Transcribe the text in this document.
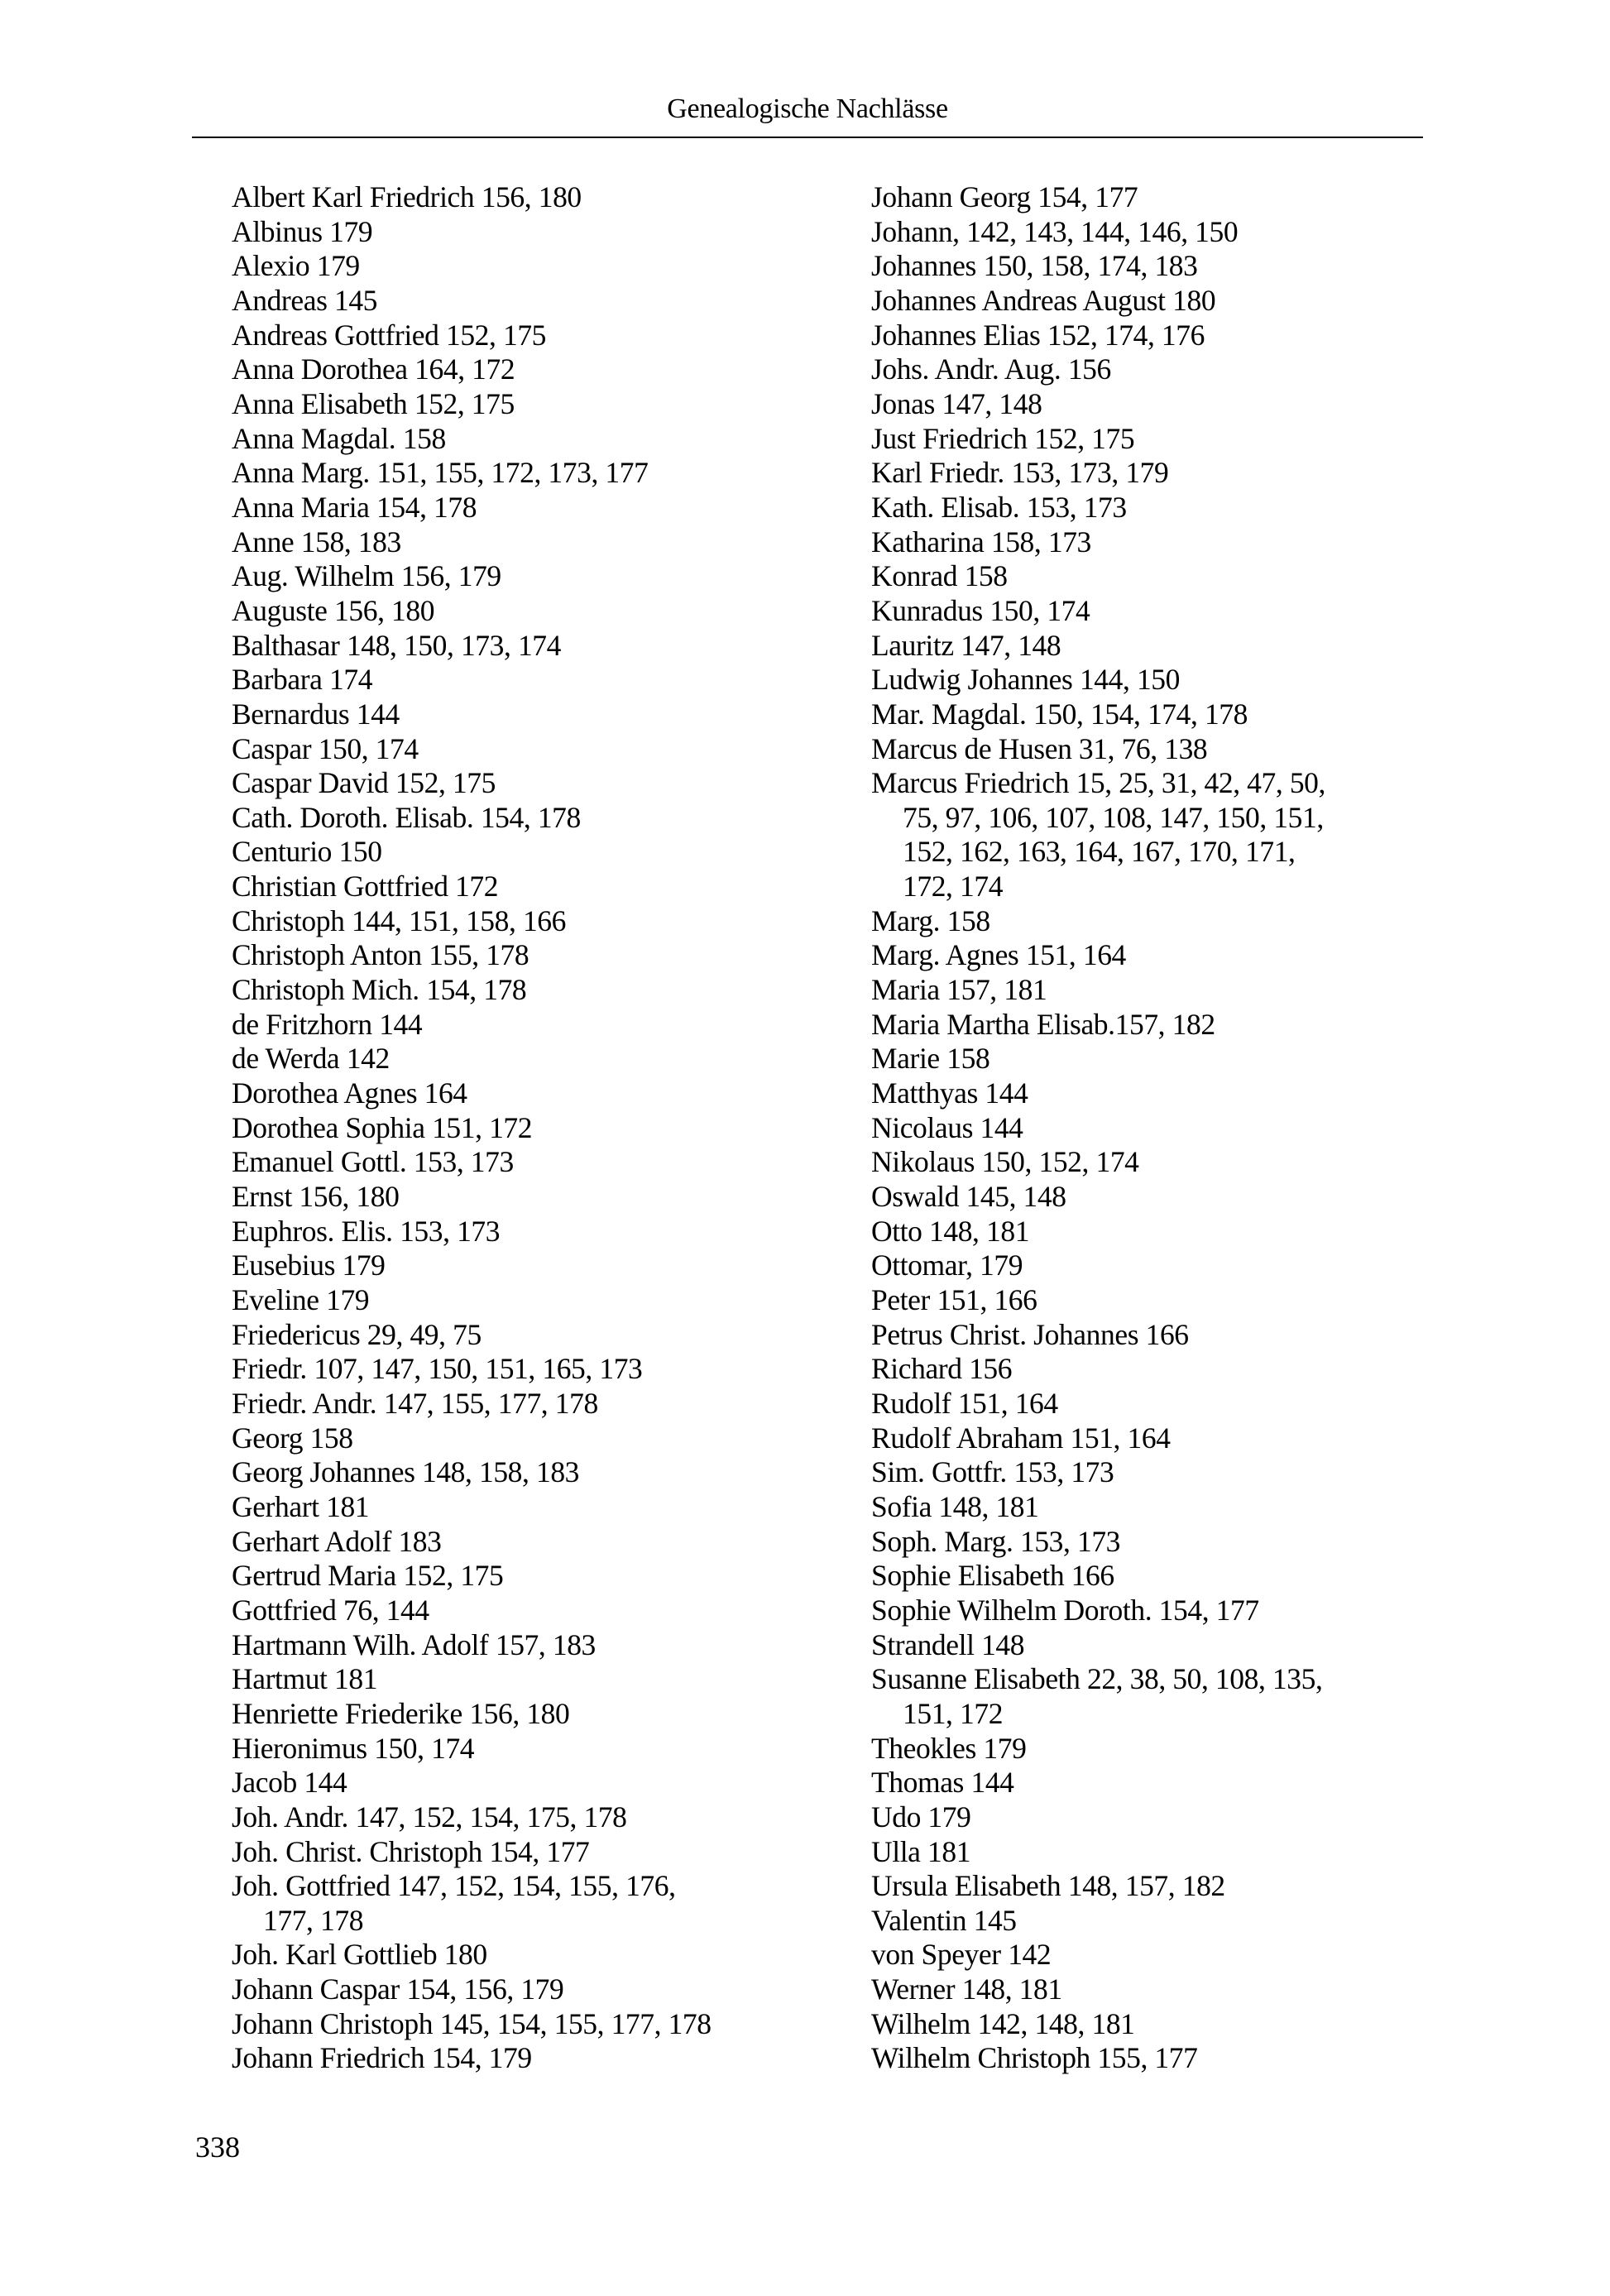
Genealogische Nachlässe
Albert Karl Friedrich 156, 180
Albinus 179
Alexio 179
Andreas 145
Andreas Gottfried 152, 175
Anna Dorothea 164, 172
Anna Elisabeth 152, 175
Anna Magdal. 158
Anna Marg. 151, 155, 172, 173, 177
Anna Maria 154, 178
Anne 158, 183
Aug. Wilhelm 156, 179
Auguste 156, 180
Balthasar 148, 150, 173, 174
Barbara 174
Bernardus 144
Caspar 150, 174
Caspar David 152, 175
Cath. Doroth. Elisab. 154, 178
Centurio 150
Christian Gottfried 172
Christoph 144, 151, 158, 166
Christoph Anton 155, 178
Christoph Mich. 154, 178
de Fritzhorn 144
de Werda 142
Dorothea Agnes 164
Dorothea Sophia 151, 172
Emanuel Gottl. 153, 173
Ernst 156, 180
Euphros. Elis. 153, 173
Eusebius 179
Eveline 179
Friedericus 29, 49, 75
Friedr. 107, 147, 150, 151, 165, 173
Friedr. Andr. 147, 155, 177, 178
Georg 158
Georg Johannes 148, 158, 183
Gerhart 181
Gerhart Adolf 183
Gertrud Maria 152, 175
Gottfried 76, 144
Hartmann Wilh. Adolf 157, 183
Hartmut 181
Henriette Friederike 156, 180
Hieronimus 150, 174
Jacob 144
Joh. Andr. 147, 152, 154, 175, 178
Joh. Christ. Christoph 154, 177
Joh. Gottfried 147, 152, 154, 155, 176,
177, 178
Joh. Karl Gottlieb 180
Johann Caspar 154, 156, 179
Johann Christoph 145, 154, 155, 177, 178
Johann Friedrich 154, 179
Johann Georg 154, 177
Johann, 142, 143, 144, 146, 150
Johannes 150, 158, 174, 183
Johannes Andreas August 180
Johannes Elias 152, 174, 176
Johs. Andr. Aug. 156
Jonas 147, 148
Just Friedrich 152, 175
Karl Friedr. 153, 173, 179
Kath. Elisab. 153, 173
Katharina 158, 173
Konrad 158
Kunradus 150, 174
Lauritz 147, 148
Ludwig Johannes 144, 150
Mar. Magdal. 150, 154, 174, 178
Marcus de Husen 31, 76, 138
Marcus Friedrich 15, 25, 31, 42, 47, 50,
75, 97, 106, 107, 108, 147, 150, 151,
152, 162, 163, 164, 167, 170, 171,
172, 174
Marg. 158
Marg. Agnes 151, 164
Maria 157, 181
Maria Martha Elisab.157, 182
Marie 158
Matthyas 144
Nicolaus 144
Nikolaus 150, 152, 174
Oswald 145, 148
Otto 148, 181
Ottomar, 179
Peter 151, 166
Petrus Christ. Johannes 166
Richard 156
Rudolf 151, 164
Rudolf Abraham 151, 164
Sim. Gottfr. 153, 173
Sofia 148, 181
Soph. Marg. 153, 173
Sophie Elisabeth 166
Sophie Wilhelm Doroth. 154, 177
Strandell 148
Susanne Elisabeth 22, 38, 50, 108, 135,
151, 172
Theokles 179
Thomas 144
Udo 179
Ulla 181
Ursula Elisabeth 148, 157, 182
Valentin 145
von Speyer 142
Werner 148, 181
Wilhelm 142, 148, 181
Wilhelm Christoph 155, 177
338
